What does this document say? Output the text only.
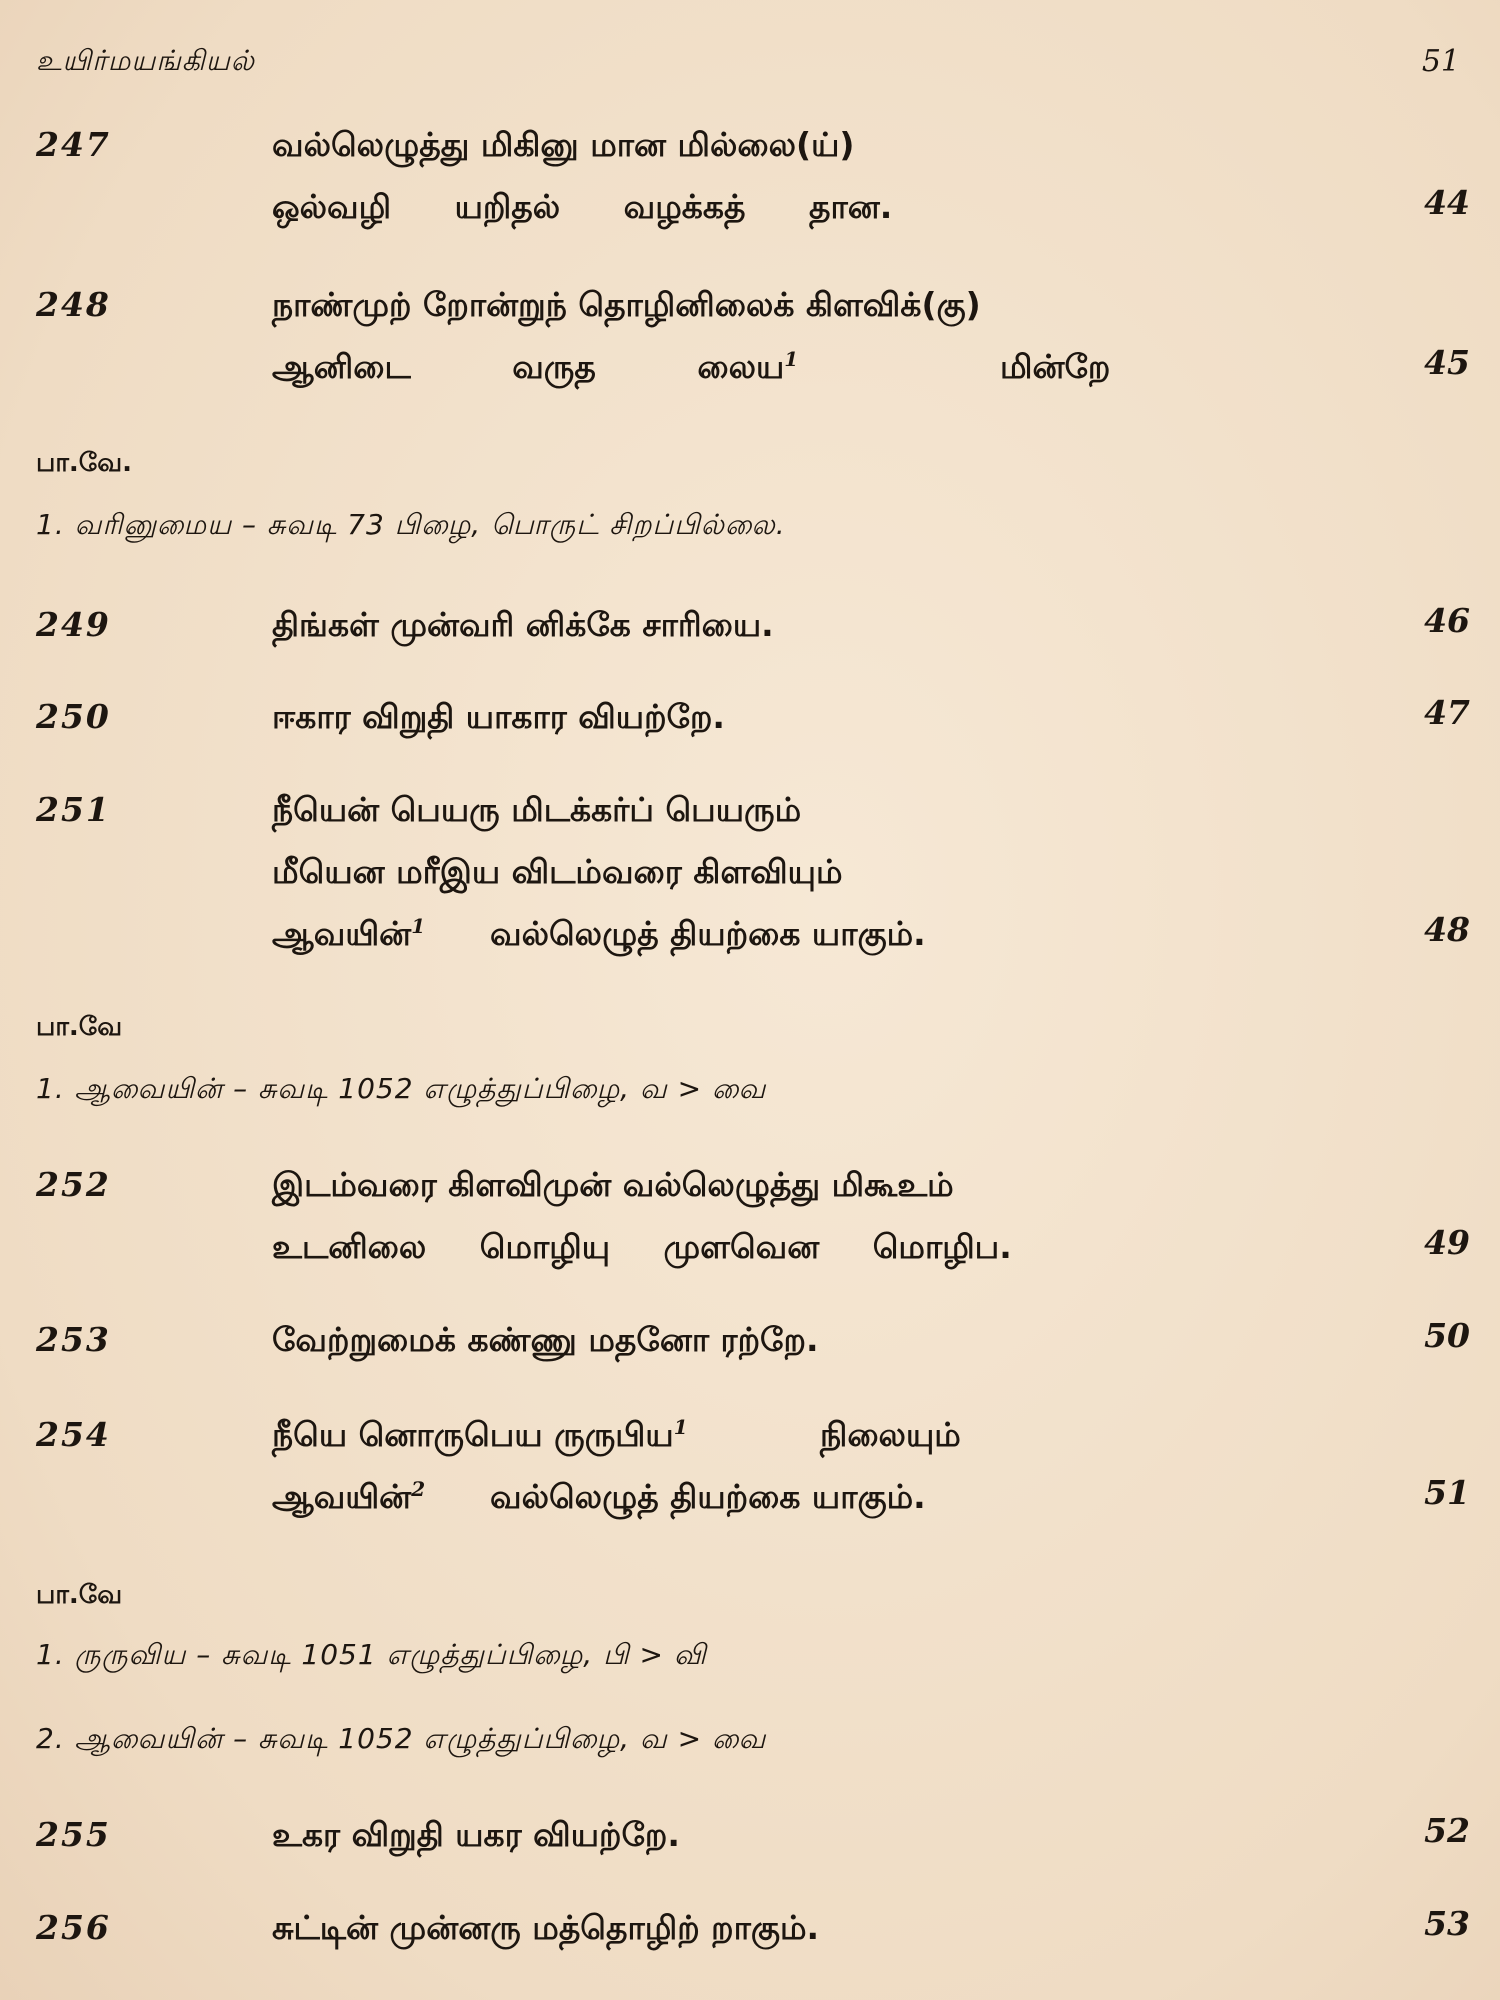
உயிர்மயங்கியல்	51
247	வல்லெழுத்து மிகினு மான மில்லை(ய்)
ஒல்வழி யறிதல் வழக்கத் தான.	44
248	நாண்முற் றோன்றுந் தொழினிலைக் கிளவிக்(கு)
ஆனிடை வருத லைய$^1$	மின்றே	45
பா.வே.
1. வரினுமைய – சுவடி 73 பிழை, பொருட் சிறப்பில்லை.
249	திங்கள் முன்வரி னிக்கே சாரியை.	46
250	ஈகார விறுதி யாகார வியற்றே.	47
251	நீயென் பெயரு மிடக்கர்ப் பெயரும்
மீயென மரீஇய விடம்வரை கிளவியும்
ஆவயின்$^1$ வல்லெழுத் தியற்கை யாகும்.	48
பா.வே
1. ஆவையின் – சுவடி 1052 எழுத்துப்பிழை, வ > வை
252	இடம்வரை கிளவிமுன் வல்லெழுத்து மிகூஉம்
உடனிலை மொழியு முளவென மொழிப.	49
253	வேற்றுமைக் கண்ணு மதனோ ரற்றே.	50
254	நீயெ னொருபெய ருருபிய$^1$	நிலையும்
ஆவயின்$^2$ வல்லெழுத் தியற்கை யாகும்.	51
பா.வே
1. ருருவிய – சுவடி 1051 எழுத்துப்பிழை, பி > வி
2. ஆவையின் – சுவடி 1052 எழுத்துப்பிழை, வ > வை
255	உகர விறுதி யகர வியற்றே.	52
256	சுட்டின் முன்னரு மத்தொழிற் றாகும்.	53
